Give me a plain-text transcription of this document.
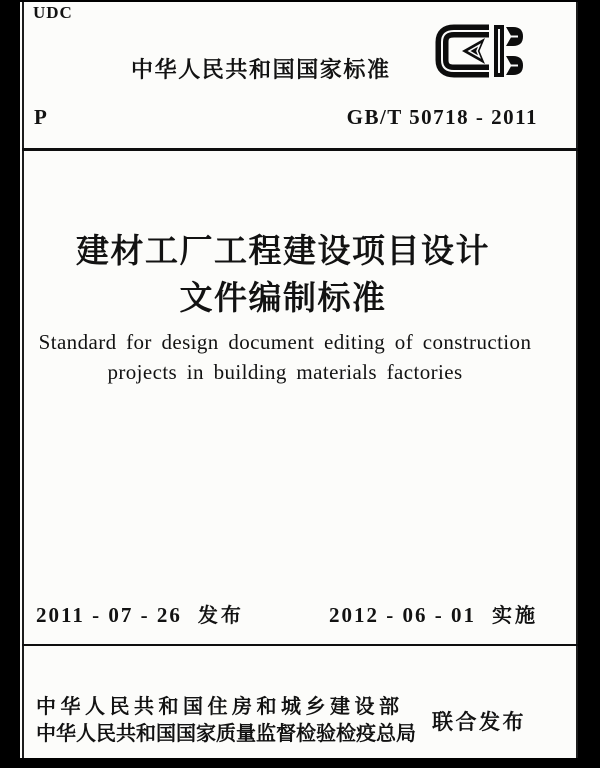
UDC
中华人民共和国国家标准
P	GB/T 50718 - 2011
建材工厂工程建设项目设计
文件编制标准
Standard for design document editing of construction
projects in building materials factories
2011 - 07 - 26 发布	2012 - 06 - 01 实施
中华人民共和国住房和城乡建设部
中华人民共和国国家质量监督检验检疫总局 联合发布
